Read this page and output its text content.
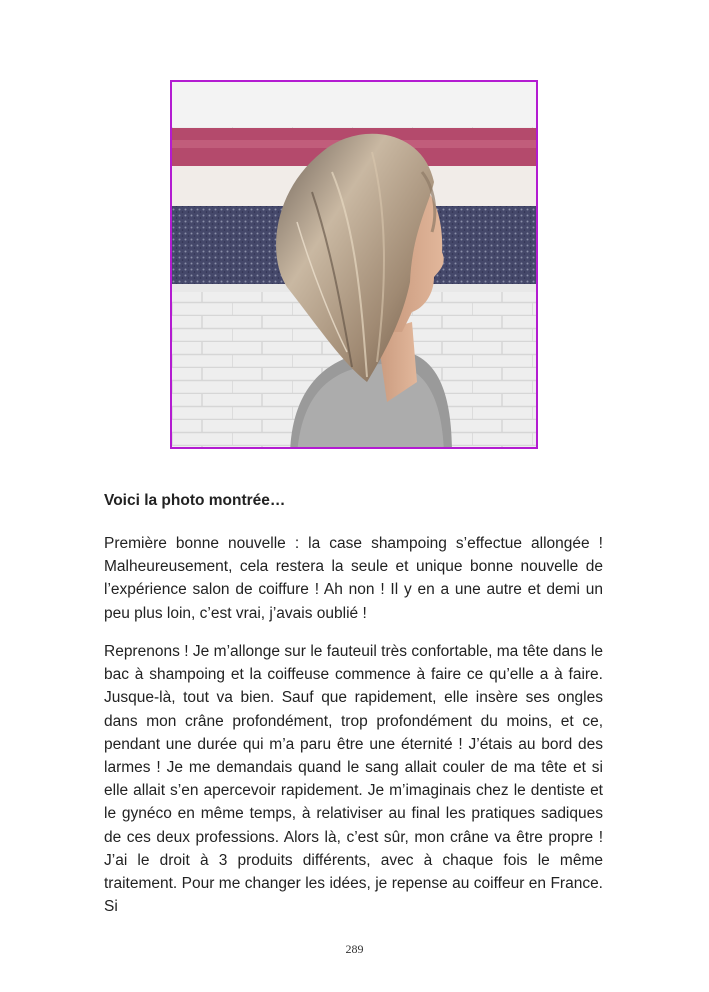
Voici la photo montrée…

Première bonne nouvelle : la case shampoing s’effectue allongée ! Malheureusement, cela restera la seule et unique bonne nouvelle de l’expérience salon de coiffure ! Ah non ! Il y en a une autre et demi un peu plus loin, c’est vrai, j’avais oublié !

Reprenons ! Je m’allonge sur le fauteuil très confortable, ma tête dans le bac à shampoing et la coiffeuse commence à faire ce qu’elle a à faire. Jusque-là, tout va bien. Sauf que rapidement, elle insère ses ongles dans mon crâne profondément, trop profondément du moins, et ce, pendant une durée qui m’a paru être une éternité ! J’étais au bord des larmes ! Je me demandais quand le sang allait couler de ma tête et si elle allait s’en apercevoir rapidement. Je m’imaginais chez le dentiste et le gynéco en même temps, à relativiser au final les pratiques sadiques de ces deux professions. Alors là, c’est sûr, mon crâne va être propre ! J’ai le droit à 3 produits différents, avec à chaque fois le même traitement. Pour me changer les idées, je repense au coiffeur en France. Si

289
